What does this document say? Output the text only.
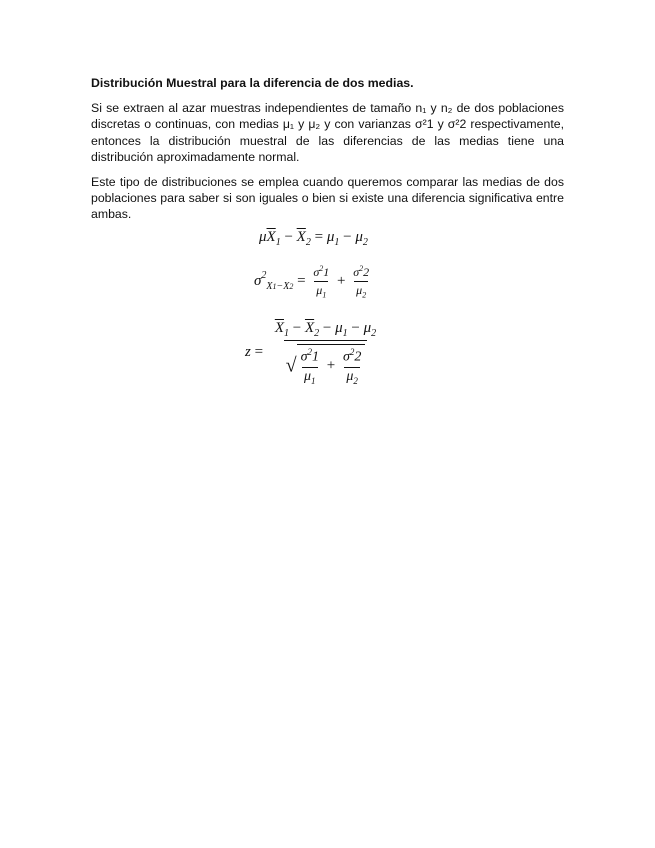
Distribución Muestral para la diferencia de dos medias.

Si se extraen al azar muestras independientes de tamaño n₁ y n₂ de dos poblaciones discretas o continuas, con medias μ₁ y μ₂ y con varianzas σ²1 y σ²2 respectivamente, entonces la distribución muestral de las diferencias de las medias tiene una distribución aproximadamente normal.

Este tipo de distribuciones se emplea cuando queremos comparar las medias de dos poblaciones para saber si son iguales o bien si existe una diferencia significativa entre ambas.

$\mu\overline{X}_1 - \overline{X}_2 = \mu_1 - \mu_2$
$\sigma^2_{X1-X2} = \frac{\sigma^21}{\mu_1} + \frac{\sigma^22}{\mu_2}$
$z = \frac{\overline{X}_1 - \overline{X}_2 - \mu_1 - \mu_2}{√ \frac{\sigma^21}{\mu_1} + \frac{\sigma^22}{\mu_2}}$
